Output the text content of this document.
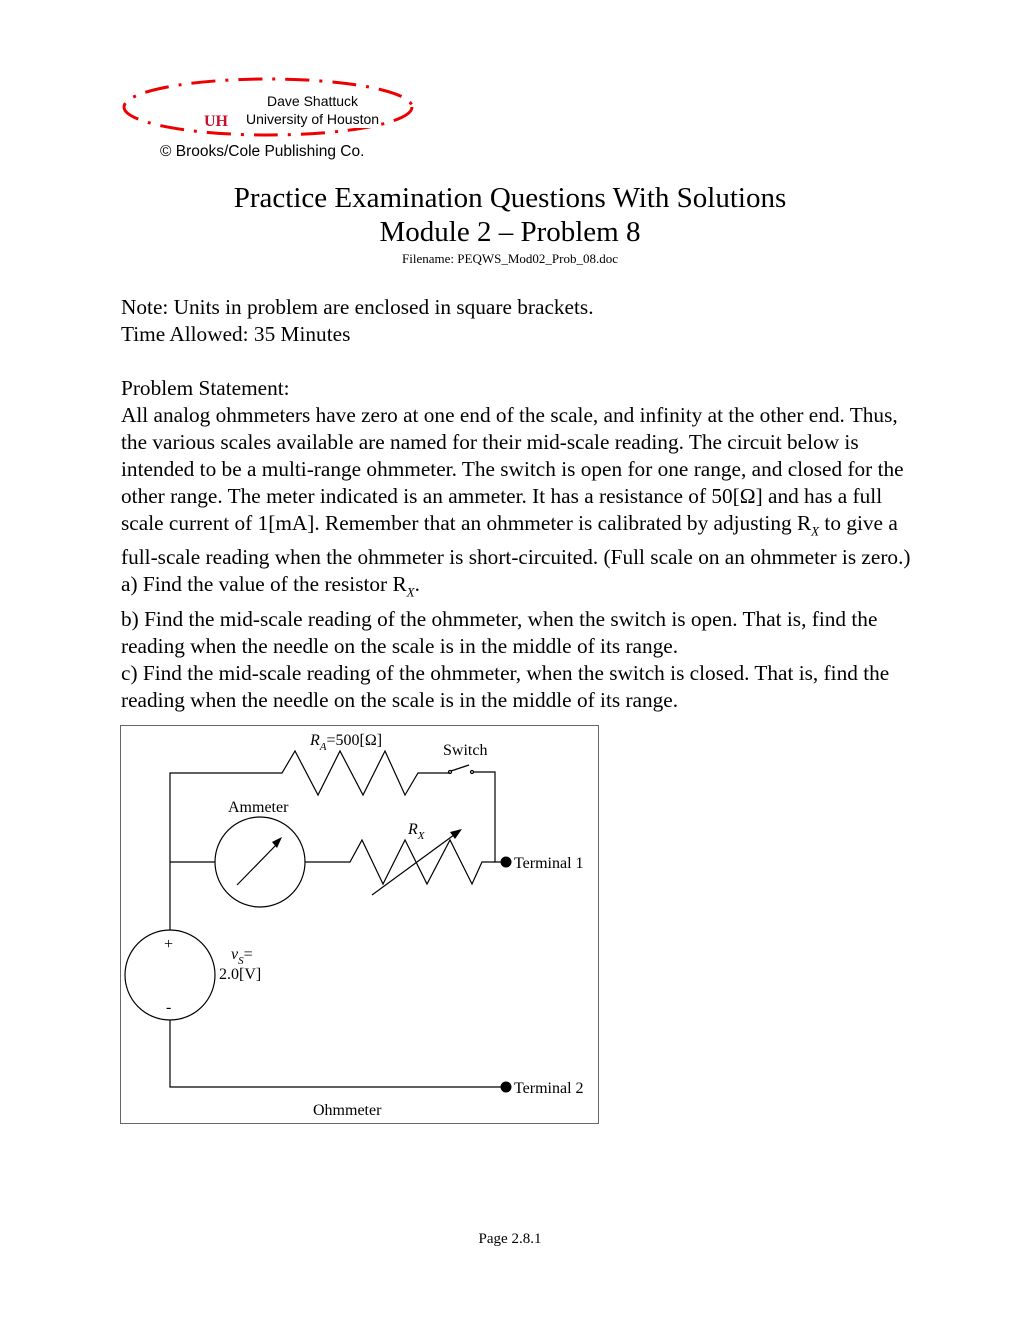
UH
Dave Shattuck
University of Houston
© Brooks/Cole Publishing Co.
Practice Examination Questions With Solutions
Module 2 – Problem 8
Filename: PEQWS_Mod02_Prob_08.doc

Note: Units in problem are enclosed in square brackets.

Time Allowed: 35 Minutes

Problem Statement:

All analog ohmmeters have zero at one end of the scale, and infinity at the other end. Thus, the various scales available are named for their mid-scale reading. The circuit below is intended to be a multi-range ohmmeter. The switch is open for one range, and closed for the other range. The meter indicated is an ammeter. It has a resistance of 50[Ω] and has a full scale current of 1[mA]. Remember that an ohmmeter is calibrated by adjusting $R_X$ to give a full-scale reading when the ohmmeter is short-circuited. (Full scale on an ohmmeter is zero.)

a) Find the value of the resistor $R_X$.

b) Find the mid-scale reading of the ohmmeter, when the switch is open. That is, find the reading when the needle on the scale is in the middle of its range.

c) Find the mid-scale reading of the ohmmeter, when the switch is closed. That is, find the reading when the needle on the scale is in the middle of its range.

$R_A=500[\Omega]$
Switch
Ammeter
$R_X$
Terminal 1
Terminal 2
+
-
$v_S=$
2.0[V]
Ohmmeter
Page 2.8.1
